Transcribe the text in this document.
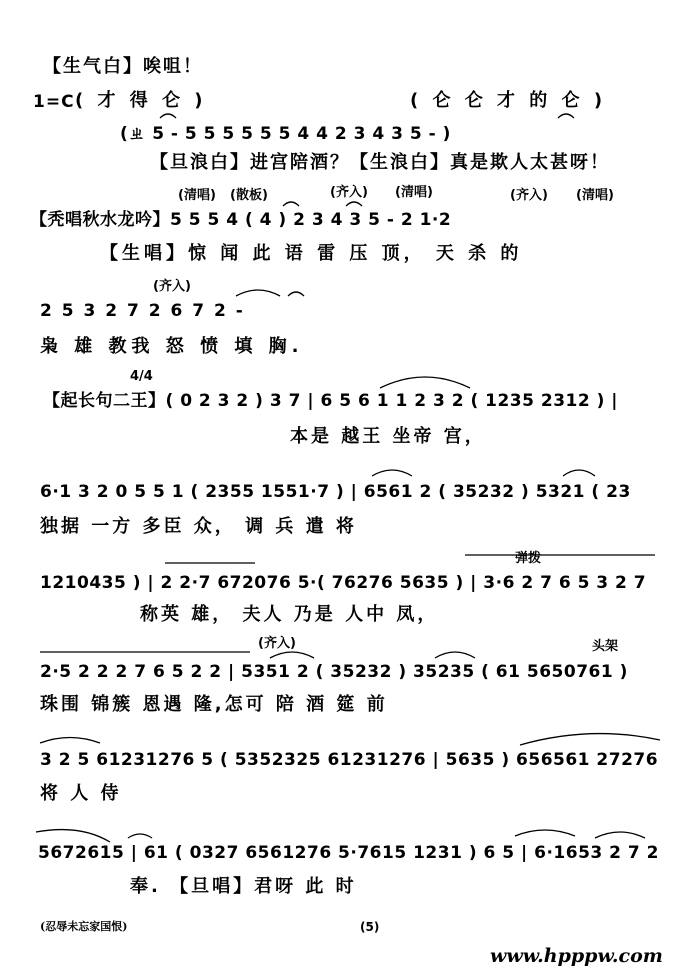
【生气白】唉咀！
1=C ( 才 得 仑 )	( 仑 仑 才 的 仑 )
(ㄓ 5 - 5 5 5 5 5 5 4 4 2 3 4 3 5 - )
【旦浪白】进宫陪酒？【生浪白】真是欺人太甚呀！
(清唱) (散板)	(齐入) (清唱)	(齐入) (清唱)
【秃唱秋水龙吟】5 5 5 4 ( 4 ) 2 3 4 3 5 - 2 1·2
【生唱】惊 闻 此 语 雷 压 顶， 天 杀 的
(齐入)
2 5 3 2 7 2 6 7 2 -
枭 雄 教我 怒 愤 填 胸.
4/4
【起长句二王】( 0 2 3 2 ) 3 7 | 6 5 6 1 1 2 3 2 ( 1235 2312 ) |
本是 越王 坐帝 宫，
6·1 3 2 0 5 5 1 ( 2355 1551·7 ) | 6561 2 ( 35232 ) 5321 ( 23
独据 一方 多臣 众， 调 兵 遣 将
弹拨
1210435 ) | 2 2·7 672076 5·( 76276 5635 ) | 3·6 2 7 6 5 3 2 7
称英 雄， 夫人 乃是 人中 凤，
(齐入)	头架
2·5 2 2 2 7 6 5 2 2 | 5351 2 ( 35232 ) 35235 ( 61 5650761 )
珠围 锦簇 恩遇 隆,怎可 陪 酒 筵 前
3 2 5 61231276 5 ( 5352325 61231276 | 5635 ) 656561 27276
将 人 侍
5672615 | 61 ( 0327 6561276 5·7615 1231 ) 6 5 | 6·1653 2 7 2
奉. 【旦唱】君呀 此 时
(忍辱未忘家国恨)	(5)
www.hpppw.com
